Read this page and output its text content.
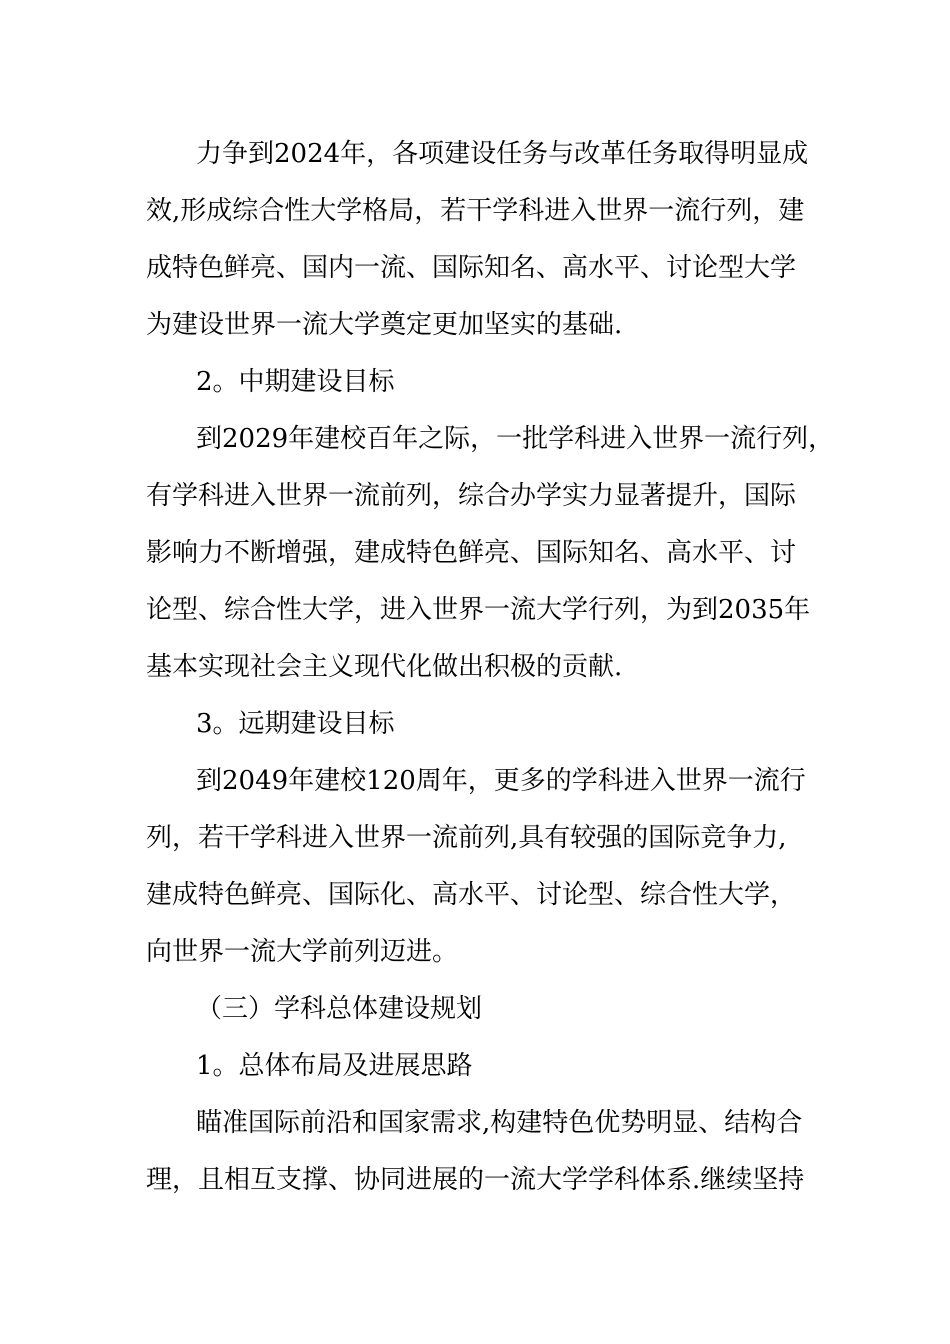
力争到2024年，各项建设任务与改革任务取得明显成
效,形成综合性大学格局，若干学科进入世界一流行列，建
成特色鲜亮、国内一流、国际知名、高水平、讨论型大学
为建设世界一流大学奠定更加坚实的基础.
2。中期建设目标
到2029年建校百年之际，一批学科进入世界一流行列，
有学科进入世界一流前列，综合办学实力显著提升，国际
影响力不断增强，建成特色鲜亮、国际知名、高水平、讨
论型、综合性大学，进入世界一流大学行列，为到2035年
基本实现社会主义现代化做出积极的贡献.
3。远期建设目标
到2049年建校120周年，更多的学科进入世界一流行
列，若干学科进入世界一流前列,具有较强的国际竞争力,
建成特色鲜亮、国际化、高水平、讨论型、综合性大学，
向世界一流大学前列迈进。
（三）学科总体建设规划
1。总体布局及进展思路
瞄准国际前沿和国家需求,构建特色优势明显、结构合
理，且相互支撑、协同进展的一流大学学科体系.继续坚持
